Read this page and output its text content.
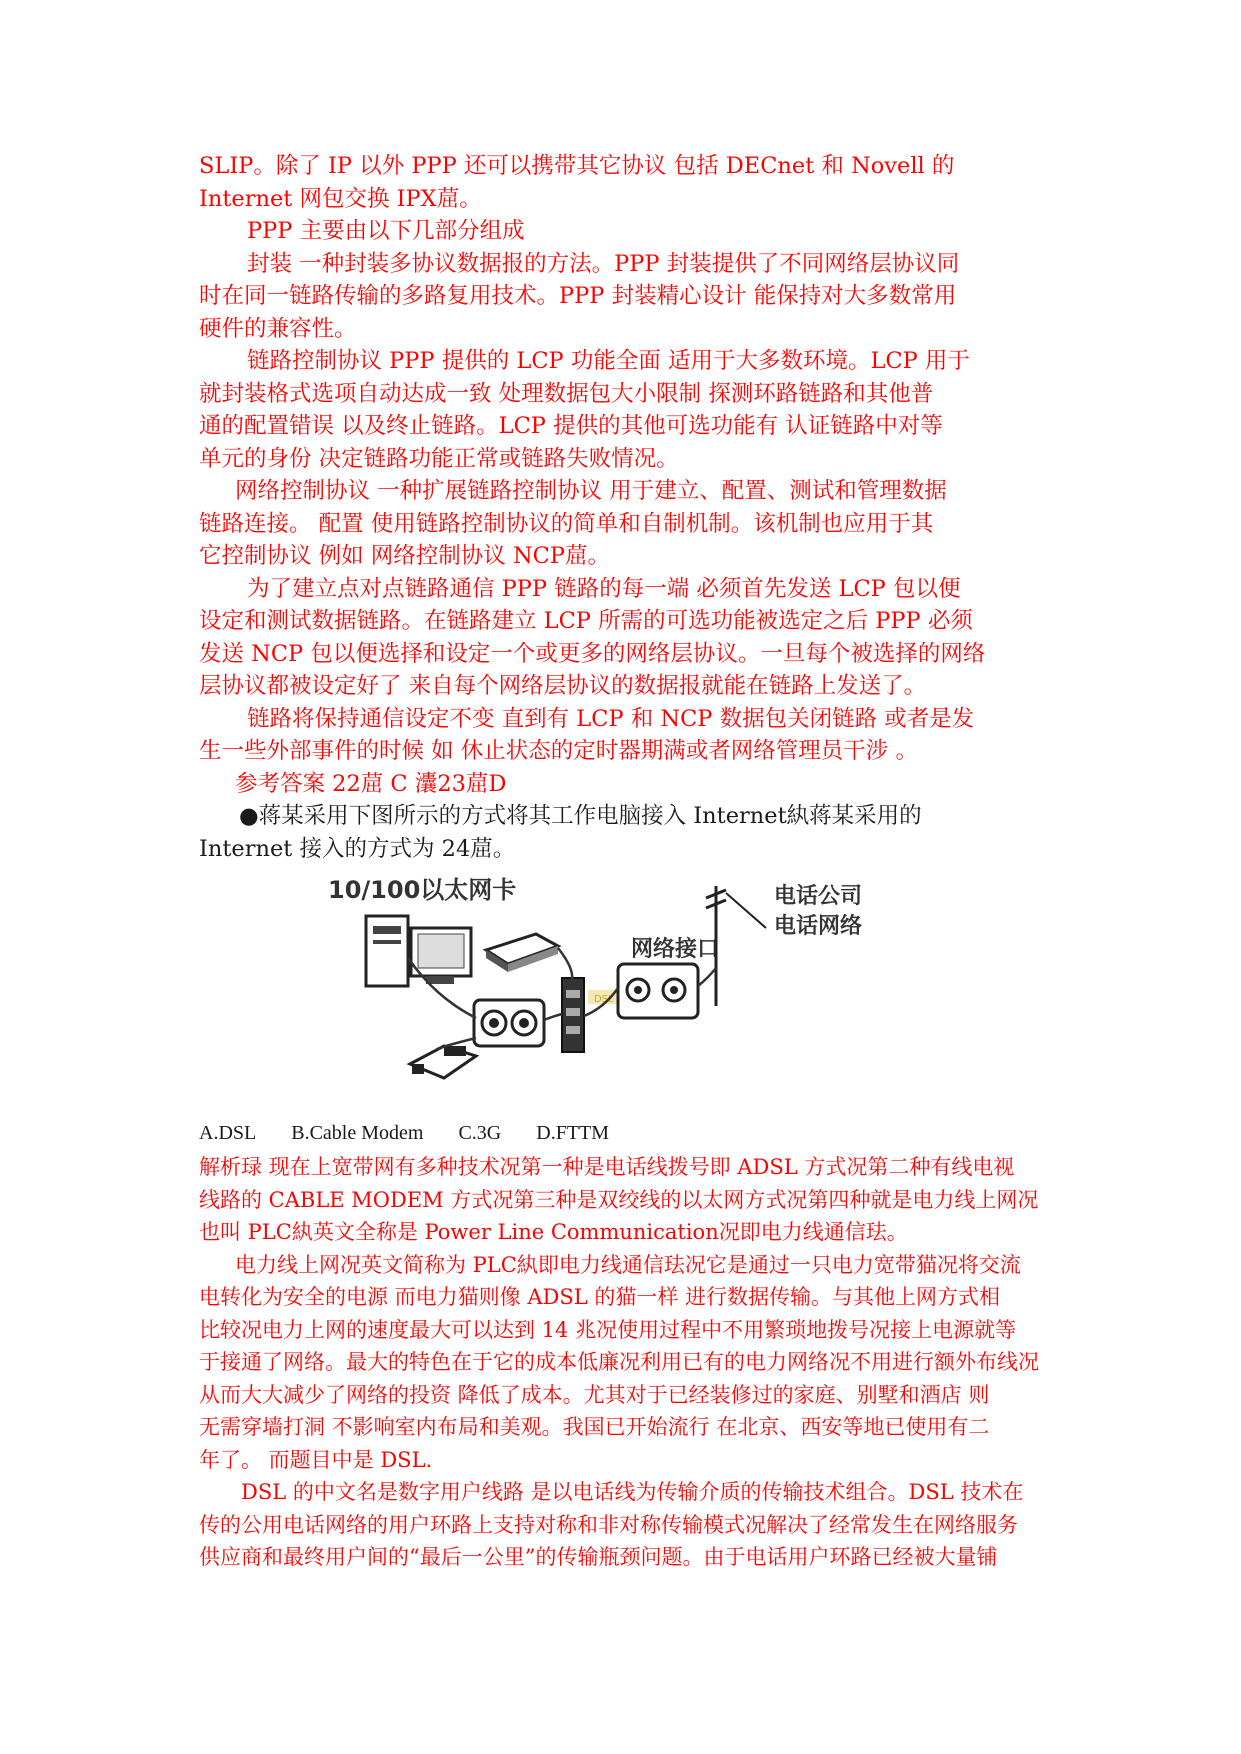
SLIP。除了 IP 以外 PPP 还可以携带其它协议 包括 DECnet 和 Novell 的
Internet 网包交换 IPX䓛。
PPP 主要由以下几部分组成
封装 一种封装多协议数据报的方法。PPP 封装提供了不同网络层协议同
时在同一链路传输的多路复用技术。PPP 封装精心设计 能保持对大多数常用
硬件的兼容性。
链路控制协议 PPP 提供的 LCP 功能全面 适用于大多数环境。LCP 用于
就封装格式选项自动达成一致 处理数据包大小限制 探测环路链路和其他普
通的配置错误 以及终止链路。LCP 提供的其他可选功能有 认证链路中对等
单元的身份 决定链路功能正常或链路失败情况。
网络控制协议 一种扩展链路控制协议 用于建立、配置、测试和管理数据
链路连接。 配置 使用链路控制协议的简单和自制机制。该机制也应用于其
它控制协议 例如 网络控制协议 NCP䓛。
为了建立点对点链路通信 PPP 链路的每一端 必须首先发送 LCP 包以便
设定和测试数据链路。在链路建立 LCP 所需的可选功能被选定之后 PPP 必须
发送 NCP 包以便选择和设定一个或更多的网络层协议。一旦每个被选择的网络
层协议都被设定好了 来自每个网络层协议的数据报就能在链路上发送了。
链路将保持通信设定不变 直到有 LCP 和 NCP 数据包关闭链路 或者是发
生一些外部事件的时候 如 休止状态的定时器期满或者网络管理员干涉 。
参考答案 22䓛 C 灢23䓛D
●蒋某采用下图所示的方式将其工作电脑接入 Internet紈蒋某采用的
Internet 接入的方式为 24䓛。
10/100以太网卡	电话公司
电话网络
网络接口
DSL
A.DSL B.Cable Modem C.3G D.FTTM
解析琭 现在上宽带网有多种技术况第一种是电话线拨号即 ADSL 方式况第二种有线电视
线路的 CABLE MODEM 方式况第三种是双绞线的以太网方式况第四种就是电力线上网况
也叫 PLC紈英文全称是 Power Line Communication况即电力线通信珐。
电力线上网况英文简称为 PLC紈即电力线通信珐况它是通过一只电力宽带猫况将交流
电转化为安全的电源 而电力猫则像 ADSL 的猫一样 进行数据传输。与其他上网方式相
比较况电力上网的速度最大可以达到 14 兆况使用过程中不用繁琐地拨号况接上电源就等
于接通了网络。最大的特色在于它的成本低廉况利用已有的电力网络况不用进行额外布线况
从而大大减少了网络的投资 降低了成本。尤其对于已经装修过的家庭、别墅和酒店 则
无需穿墙打洞 不影响室内布局和美观。我国已开始流行 在北京、西安等地已使用有二
年了。 而题目中是 DSL.
DSL 的中文名是数字用户线路 是以电话线为传输介质的传输技术组合。DSL 技术在
传的公用电话网络的用户环路上支持对称和非对称传输模式况解决了经常发生在网络服务
供应商和最终用户间的“最后一公里”的传输瓶颈问题。由于电话用户环路已经被大量铺
